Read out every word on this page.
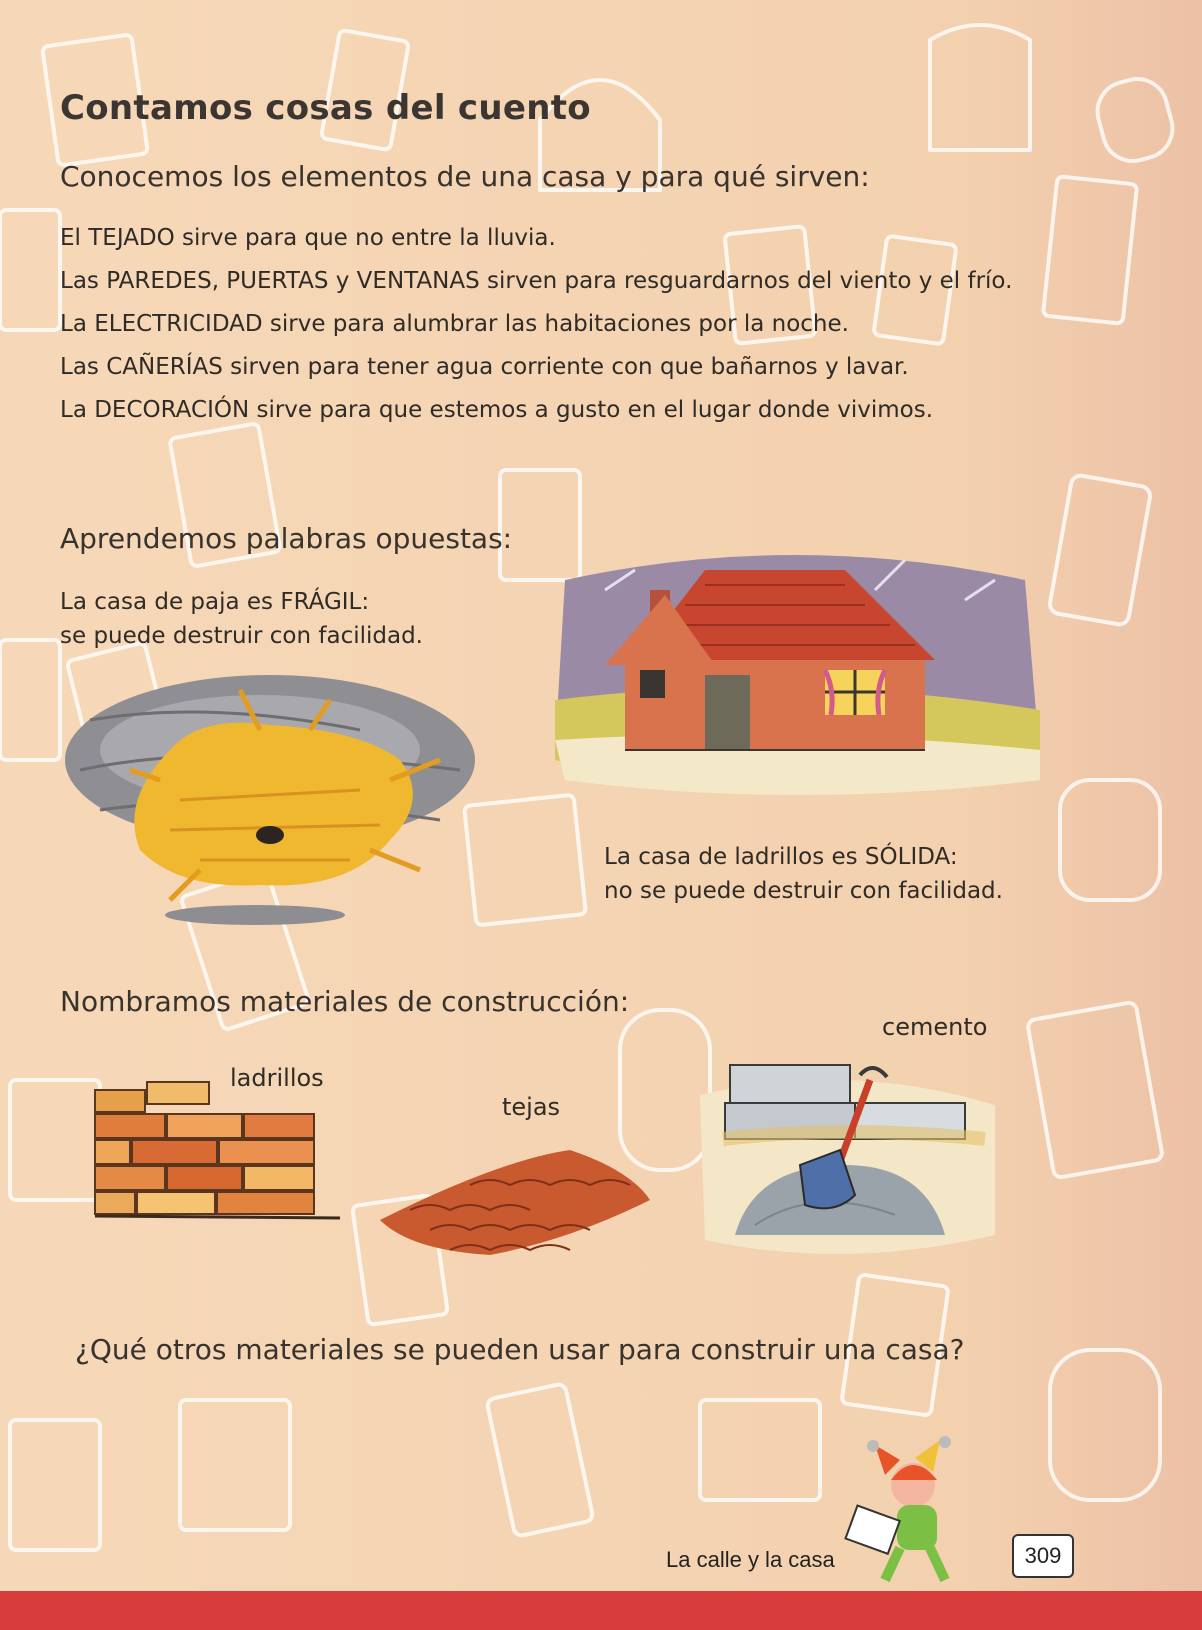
Contamos cosas del cuento
Conocemos los elementos de una casa y para qué sirven:
El TEJADO sirve para que no entre la lluvia.
Las PAREDES, PUERTAS y VENTANAS sirven para resguardarnos del viento y el frío.
La ELECTRICIDAD sirve para alumbrar las habitaciones por la noche.
Las CAÑERÍAS sirven para tener agua corriente con que bañarnos y lavar.
La DECORACIÓN sirve para que estemos a gusto en el lugar donde vivimos.
Aprendemos palabras opuestas:
La casa de paja es FRÁGIL:
se puede destruir con facilidad.
La casa de ladrillos es SÓLIDA:
no se puede destruir con facilidad.
Nombramos materiales de construcción:
ladrillos
tejas
cemento
¿Qué otros materiales se pueden usar para construir una casa?
La calle y la casa	309
